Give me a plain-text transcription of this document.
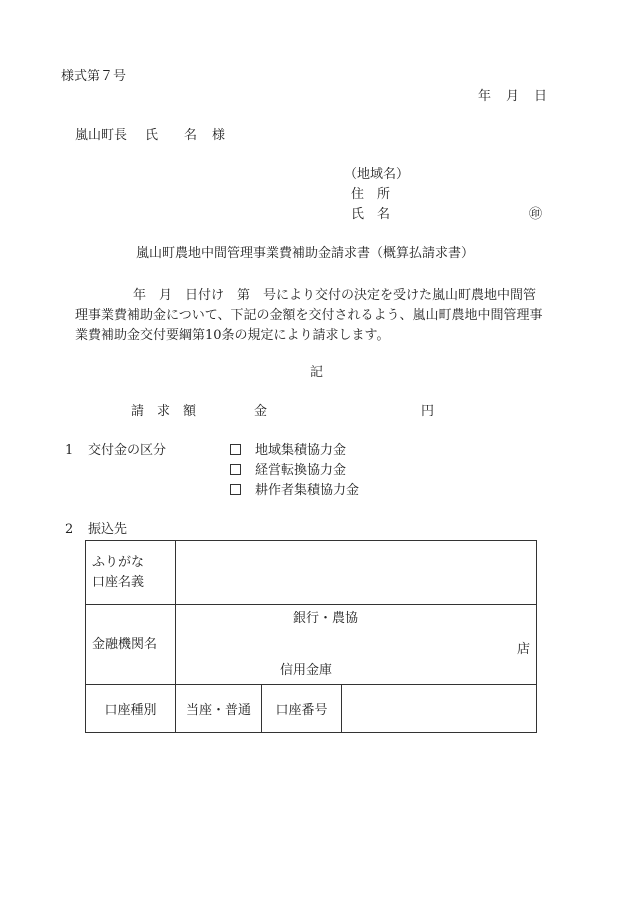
様式第７号
年 月 日
嵐山町長 氏 名 様
（地域名）
住　所
氏　名	㊞
嵐山町農地中間管理事業費補助金請求書（概算払請求書）
年　月　日付け　第　号により交付の決定を受けた嵐山町農地中間管
理事業費補助金について、下記の金額を交付されるよう、嵐山町農地中間管理事
業費補助金交付要綱第10条の規定により請求します。
記
請　求　額	金	円
1 交付金の区分	地域集積協力金
経営転換協力金
耕作者集積協力金
2 振込先
ふりがな
口座名義			

金融機関名	銀行・農協
店
信用金庫		

口座種別	当座・普通	口座番号	
